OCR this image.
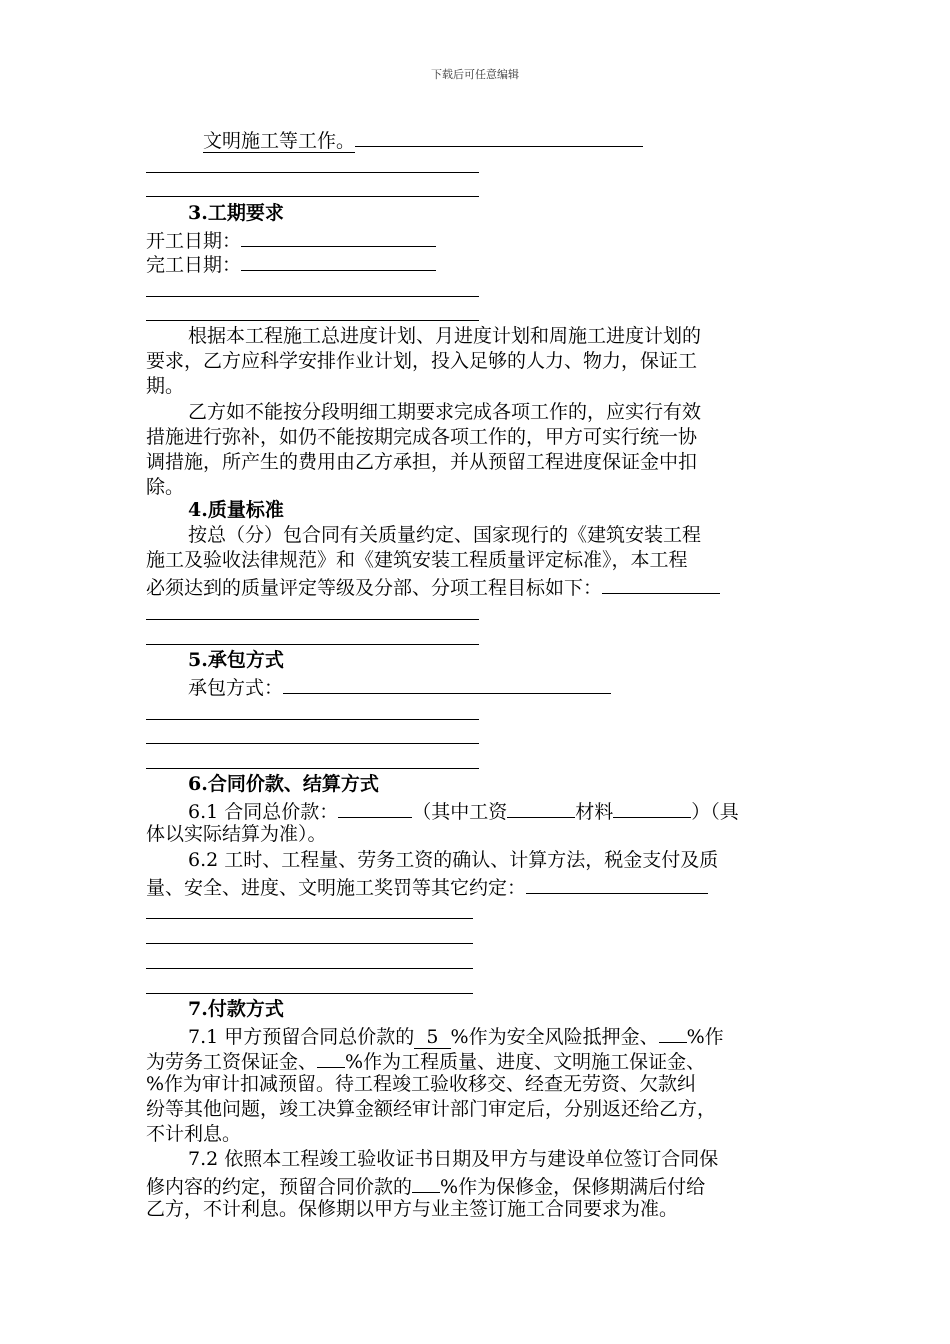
下载后可任意编辑
文明施工等工作。
3.工期要求
开工日期：
完工日期：
根据本工程施工总进度计划、月进度计划和周施工进度计划的
要求，乙方应科学安排作业计划，投入足够的人力、物力，保证工
期。
乙方如不能按分段明细工期要求完成各项工作的，应实行有效
措施进行弥补，如仍不能按期完成各项工作的，甲方可实行统一协
调措施，所产生的费用由乙方承担，并从预留工程进度保证金中扣
除。
4.质量标准
按总（分）包合同有关质量约定、国家现行的《建筑安装工程
施工及验收法律规范》和《建筑安装工程质量评定标准》，本工程
必须达到的质量评定等级及分部、分项工程目标如下：
5.承包方式
承包方式：
6.合同价款、结算方式
6.1 合同总价款：	（其中工资	材料	）（具
体以实际结算为准）。
6.2 工时、工程量、劳务工资的确认、计算方法，税金支付及质
量、安全、进度、文明施工奖罚等其它约定：
7.付款方式
7.1 甲方预留合同总价款的 5 %作为安全风险抵押金、 %作
为劳务工资保证金、 %作为工程质量、进度、文明施工保证金、
%作为审计扣减预留。待工程竣工验收移交、经查无劳资、欠款纠
纷等其他问题，竣工决算金额经审计部门审定后，分别返还给乙方，
不计利息。
7.2 依照本工程竣工验收证书日期及甲方与建设单位签订合同保
修内容的约定，预留合同价款的 %作为保修金，保修期满后付给
乙方，不计利息。保修期以甲方与业主签订施工合同要求为准。
